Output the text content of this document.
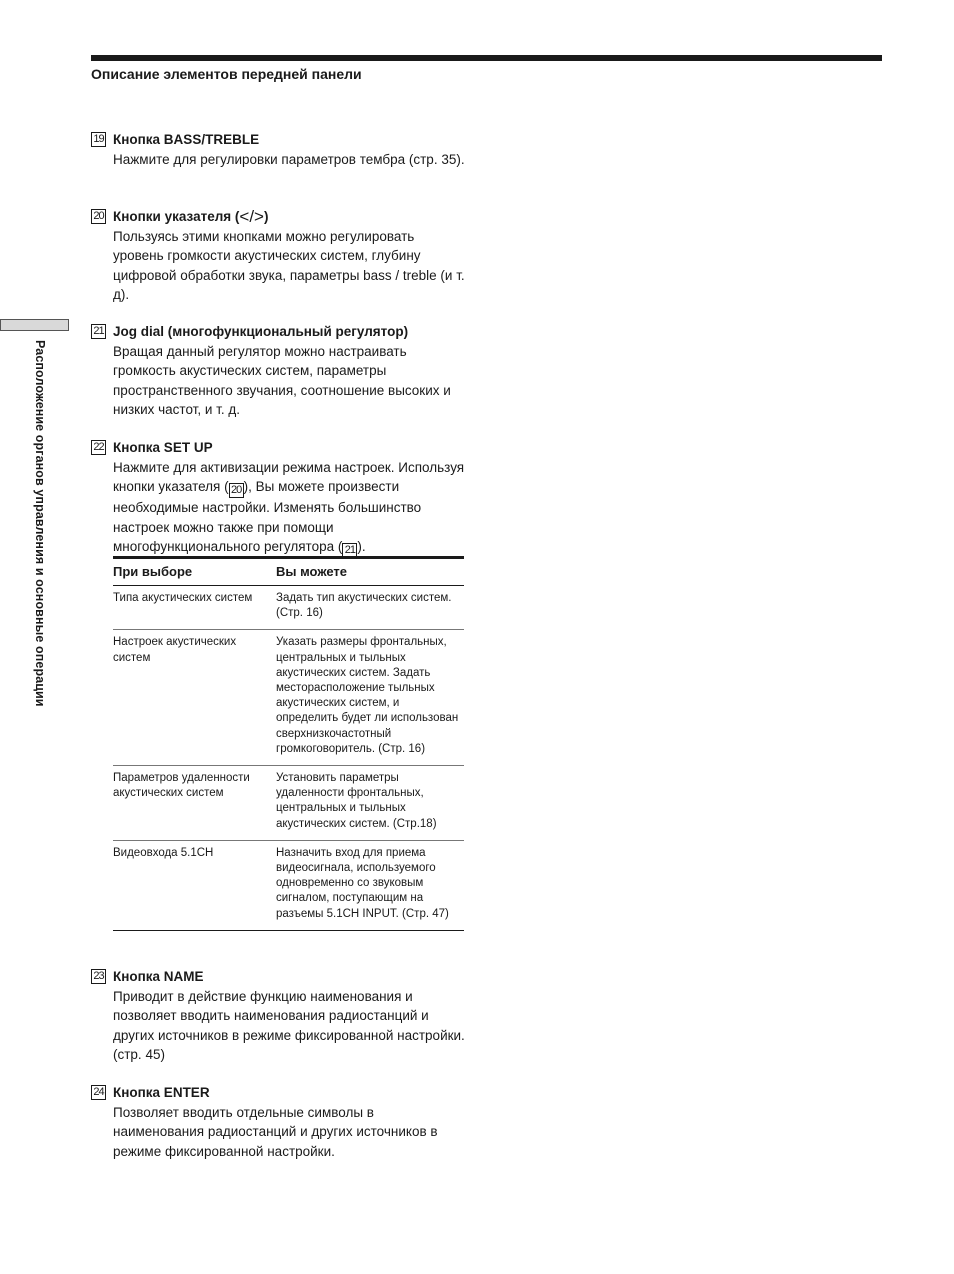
Описание элементов передней панели
Расположение органов управления и основные операции
19 Кнопка BASS/TREBLE

Нажмите для регулировки параметров тембра (стр. 35).

20 Кнопки указателя (</>)

Пользуясь этими кнопками можно регулировать уровень громкости акустических систем, глубину цифровой обработки звука, параметры bass / treble (и т. д).

21 Jog dial (многофункциональный регулятор)

Вращая данный регулятор можно настраивать громкость акустических систем, параметры пространственного звучания, соотношение высоких и низких частот, и т. д.

22 Кнопка SET UP

Нажмите для активизации режима настроек. Используя кнопки указателя ( 20 ), Вы можете произвести необходимые настройки. Изменять большинство настроек можно также при помощи многофункционального регулятора ( 21 ).

При выборе	Вы можете
Типа акустических систем	Задать тип акустических систем. (Стр. 16)
Настроек акустических систем	Указать размеры фронтальных, центральных и тыльных акустических систем. Задать месторасположение тыльных акустических систем, и определить будет ли использован сверхнизкочастотный громкоговоритель. (Стр. 16)
Параметров удаленности акустических систем	Установить параметры удаленности фронтальных, центральных и тыльных акустических систем. (Стр.18)
Видеовхода 5.1CH	Назначить вход для приема видеосигнала, используемого одновременно со звуковым сигналом, поступающим на разъемы 5.1CH INPUT. (Стр. 47)
23 Кнопка NAME

Приводит в действие функцию наименования и позволяет вводить наименования радиостанций и других источников в режиме фиксированной настройки. (стр. 45)

24 Кнопка ENTER

Позволяет вводить отдельные символы в наименования радиостанций и других источников в режиме фиксированной настройки.
